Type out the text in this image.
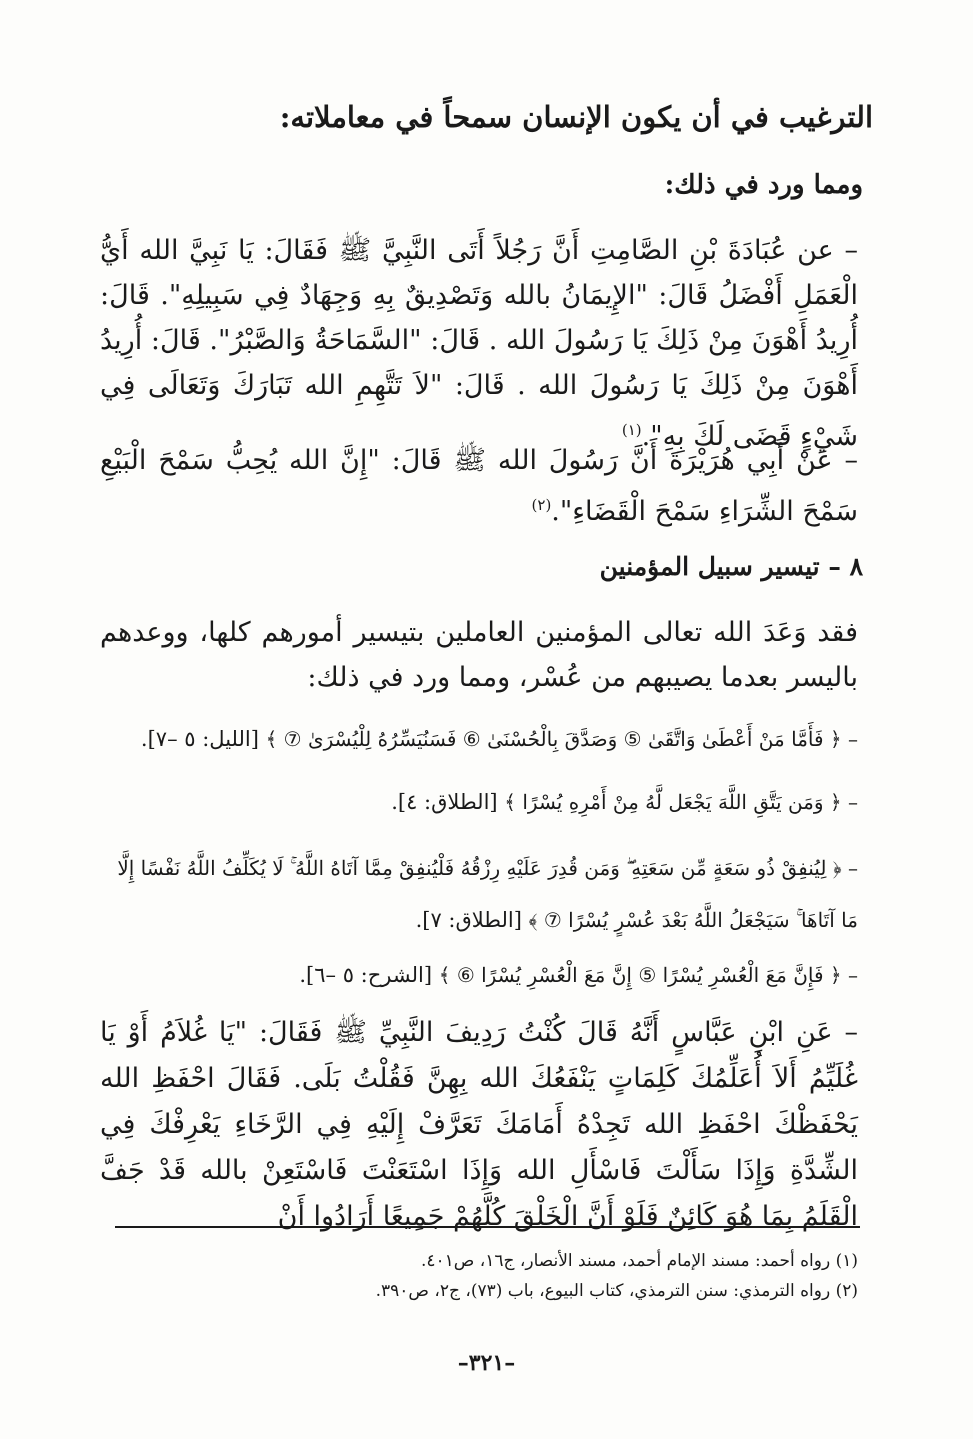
الترغيب في أن يكون الإنسان سمحاً في معاملاته:
ومما ورد في ذلك:
– عن عُبَادَةَ بْنِ الصَّامِتِ أَنَّ رَجُلاً أَتَى النَّبِيَّ ﷺ فَقَالَ: يَا نَبِيَّ الله أَيُّ الْعَمَلِ أَفْضَلُ قَالَ: "الإِيمَانُ بالله وَتَصْدِيقٌ بِهِ وَجِهَادٌ فِي سَبِيلِهِ". قَالَ: أُرِيدُ أَهْوَنَ مِنْ ذَلِكَ يَا رَسُولَ الله . قَالَ: "السَّمَاحَةُ وَالصَّبْرُ". قَالَ: أُرِيدُ أَهْوَنَ مِنْ ذَلِكَ يَا رَسُولَ الله . قَالَ: "لاَ تَتَّهِمِ الله تَبَارَكَ وَتَعَالَى فِي شَيْءٍ قَضَى لَكَ بِهِ".$^{(١)}$
– عَنْ أَبِي هُرَيْرَةَ أَنَّ رَسُولَ الله ﷺ قَالَ: "إِنَّ الله يُحِبُّ سَمْحَ الْبَيْعِ سَمْحَ الشِّرَاءِ سَمْحَ الْقَضَاءِ".$^{(٢)}$
٨ – تيسير سبيل المؤمنين
فقد وَعَدَ الله تعالى المؤمنين العاملين بتيسير أمورهم كلها، ووعدهم باليسر بعدما يصيبهم من عُسْر، ومما ورد في ذلك:
– ﴿ فَأَمَّا مَنْ أَعْطَىٰ وَاتَّقَىٰ ⑤ وَصَدَّقَ بِالْحُسْنَىٰ ⑥ فَسَنُيَسِّرُهُ لِلْيُسْرَىٰ ⑦ ﴾ [الليل: ٥ –٧].
– ﴿ وَمَن يَتَّقِ اللَّهَ يَجْعَل لَّهُ مِنْ أَمْرِهِ يُسْرًا ﴾ [الطلاق: ٤].
– ﴿ لِيُنفِقْ ذُو سَعَةٍ مِّن سَعَتِهِ ۖ وَمَن قُدِرَ عَلَيْهِ رِزْقُهُ فَلْيُنفِقْ مِمَّا آتَاهُ اللَّهُ ۚ لَا يُكَلِّفُ اللَّهُ نَفْسًا إِلَّا مَا آتَاهَا ۚ سَيَجْعَلُ اللَّهُ بَعْدَ عُسْرٍ يُسْرًا ⑦ ﴾ [الطلاق: ٧].
– ﴿ فَإِنَّ مَعَ الْعُسْرِ يُسْرًا ⑤ إِنَّ مَعَ الْعُسْرِ يُسْرًا ⑥ ﴾ [الشرح: ٥ –٦].
– عَنِ ابْنِ عَبَّاسٍ أَنَّهُ قَالَ كُنْتُ رَدِيفَ النَّبِيِّ ﷺ فَقَالَ: "يَا غُلاَمُ أَوْ يَا غُلَيِّمُ أَلاَ أُعَلِّمُكَ كَلِمَاتٍ يَنْفَعُكَ الله بِهِنَّ فَقُلْتُ بَلَى. فَقَالَ احْفَظِ الله يَحْفَظْكَ احْفَظِ الله تَجِدْهُ أَمَامَكَ تَعَرَّفْ إِلَيْهِ فِي الرَّخَاءِ يَعْرِفْكَ فِي الشِّدَّةِ وَإِذَا سَأَلْتَ فَاسْأَلِ الله وَإِذَا اسْتَعَنْتَ فَاسْتَعِنْ بالله قَدْ جَفَّ الْقَلَمُ بِمَا هُوَ كَائِنٌ فَلَوْ أَنَّ الْخَلْقَ كُلَّهُمْ جَمِيعًا أَرَادُوا أَنْ
(١) رواه أحمد: مسند الإمام أحمد، مسند الأنصار، ج١٦، ص٤٠١.
(٢) رواه الترمذي: سنن الترمذي، كتاب البيوع، باب (٧٣)، ج٢، ص٣٩٠.
–٣٢١–
